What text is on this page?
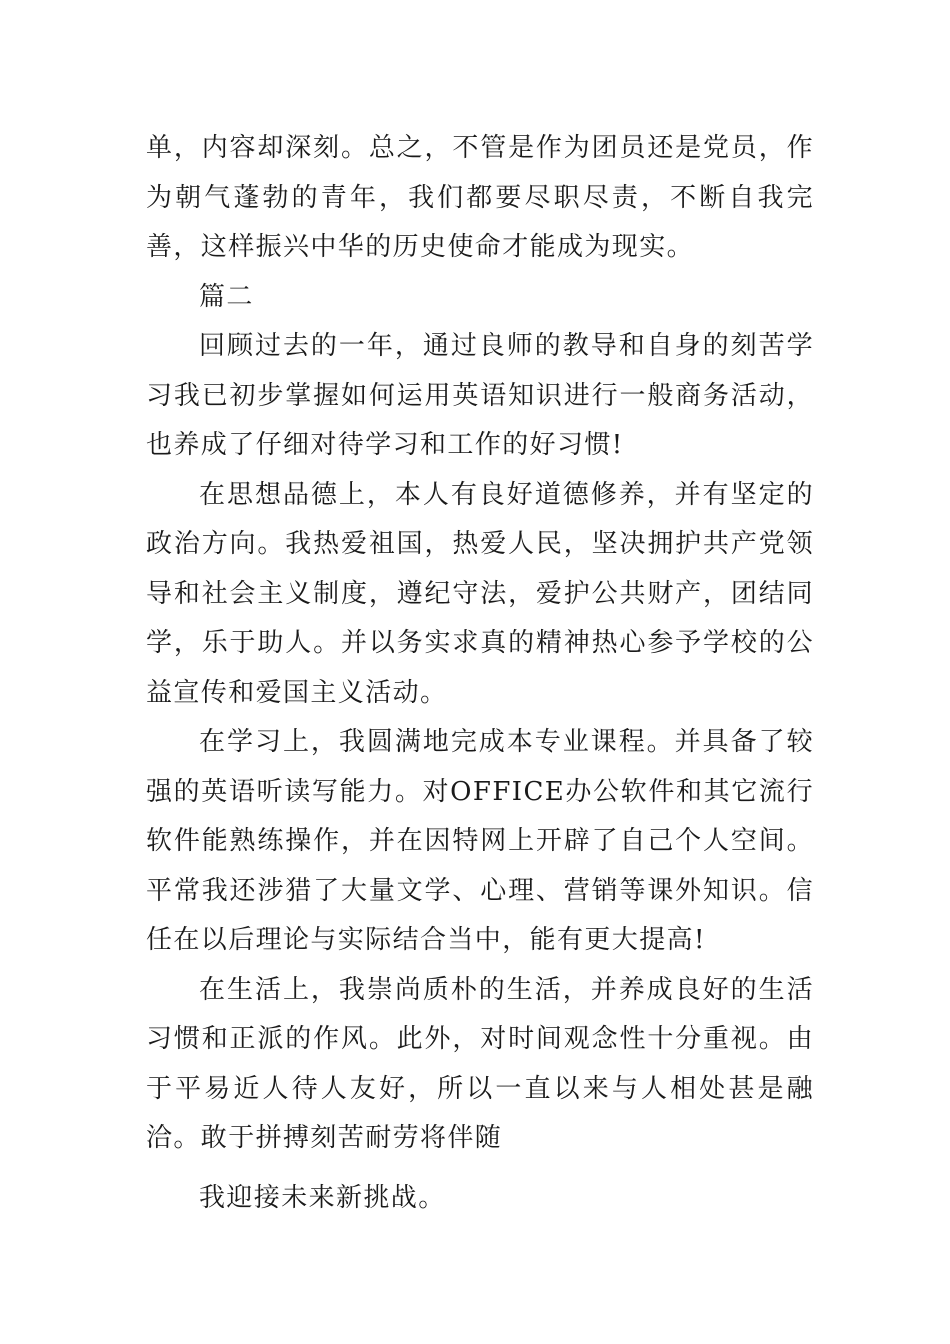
单，内容却深刻。总之，不管是作为团员还是党员，作为朝气蓬勃的青年，我们都要尽职尽责，不断自我完善，这样振兴中华的历史使命才能成为现实。

篇二

回顾过去的一年，通过良师的教导和自身的刻苦学习我已初步掌握如何运用英语知识进行一般商务活动，也养成了仔细对待学习和工作的好习惯!

在思想品德上，本人有良好道德修养，并有坚定的政治方向。我热爱祖国，热爱人民，坚决拥护共产党领导和社会主义制度，遵纪守法，爱护公共财产，团结同学，乐于助人。并以务实求真的精神热心参予学校的公益宣传和爱国主义活动。

在学习上，我圆满地完成本专业课程。并具备了较强的英语听读写能力。对OFFICE办公软件和其它流行软件能熟练操作，并在因特网上开辟了自己个人空间。平常我还涉猎了大量文学、心理、营销等课外知识。信任在以后理论与实际结合当中，能有更大提高!

在生活上，我崇尚质朴的生活，并养成良好的生活习惯和正派的作风。此外，对时间观念性十分重视。由于平易近人待人友好，所以一直以来与人相处甚是融洽。敢于拼搏刻苦耐劳将伴随

我迎接未来新挑战。
